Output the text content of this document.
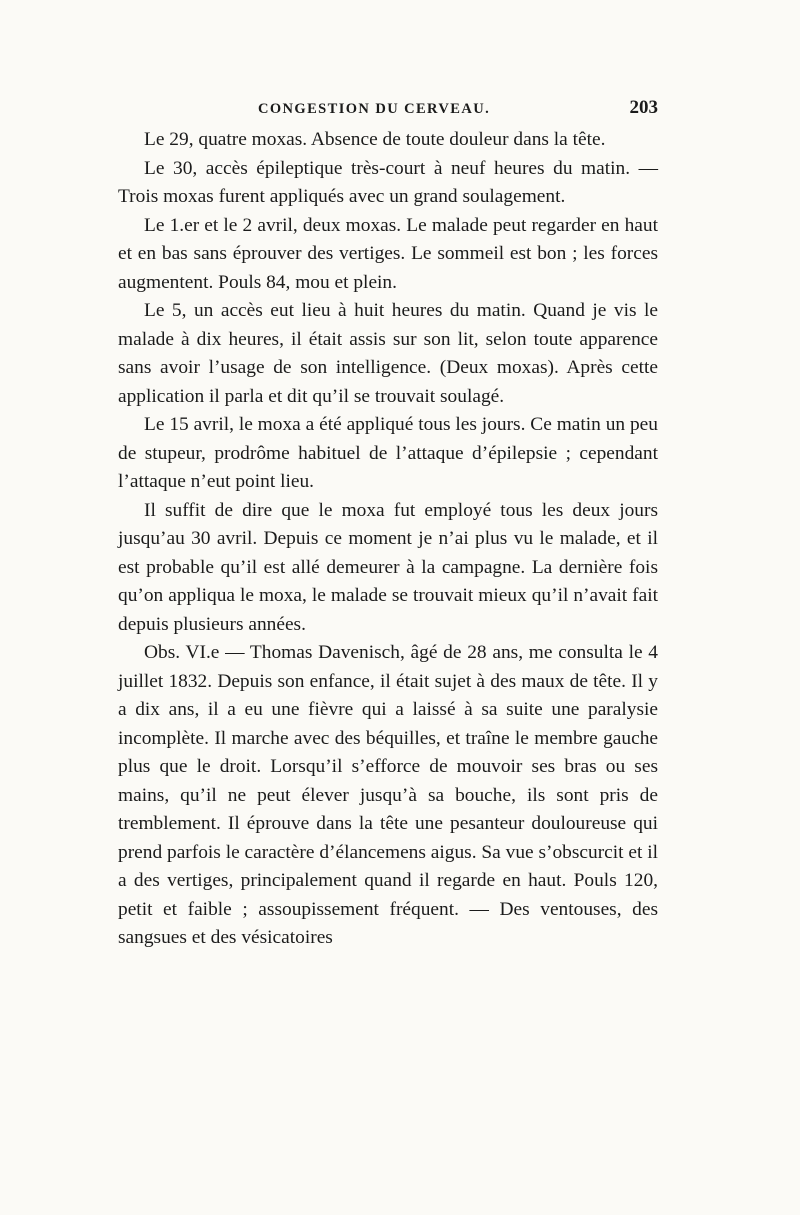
CONGESTION DU CERVEAU.	203

Le 29, quatre moxas. Absence de toute douleur dans la tête.

Le 30, accès épileptique très-court à neuf heures du matin. — Trois moxas furent appliqués avec un grand soulagement.

Le 1.er et le 2 avril, deux moxas. Le malade peut regarder en haut et en bas sans éprouver des vertiges. Le sommeil est bon ; les forces augmentent. Pouls 84, mou et plein.

Le 5, un accès eut lieu à huit heures du matin. Quand je vis le malade à dix heures, il était assis sur son lit, selon toute apparence sans avoir l’usage de son intelligence. (Deux moxas). Après cette application il parla et dit qu’il se trouvait soulagé.

Le 15 avril, le moxa a été appliqué tous les jours. Ce matin un peu de stupeur, prodrôme habituel de l’attaque d’épilepsie ; cependant l’attaque n’eut point lieu.

Il suffit de dire que le moxa fut employé tous les deux jours jusqu’au 30 avril. Depuis ce moment je n’ai plus vu le malade, et il est probable qu’il est allé demeurer à la campagne. La dernière fois qu’on appliqua le moxa, le malade se trouvait mieux qu’il n’avait fait depuis plusieurs années.

Obs. VI.e — Thomas Davenisch, âgé de 28 ans, me consulta le 4 juillet 1832. Depuis son enfance, il était sujet à des maux de tête. Il y a dix ans, il a eu une fièvre qui a laissé à sa suite une paralysie incomplète. Il marche avec des béquilles, et traîne le membre gauche plus que le droit. Lorsqu’il s’efforce de mouvoir ses bras ou ses mains, qu’il ne peut élever jusqu’à sa bouche, ils sont pris de tremblement. Il éprouve dans la tête une pesanteur douloureuse qui prend parfois le caractère d’élancemens aigus. Sa vue s’obscurcit et il a des vertiges, principalement quand il regarde en haut. Pouls 120, petit et faible ; assoupissement fréquent. — Des ventouses, des sangsues et des vésicatoires
